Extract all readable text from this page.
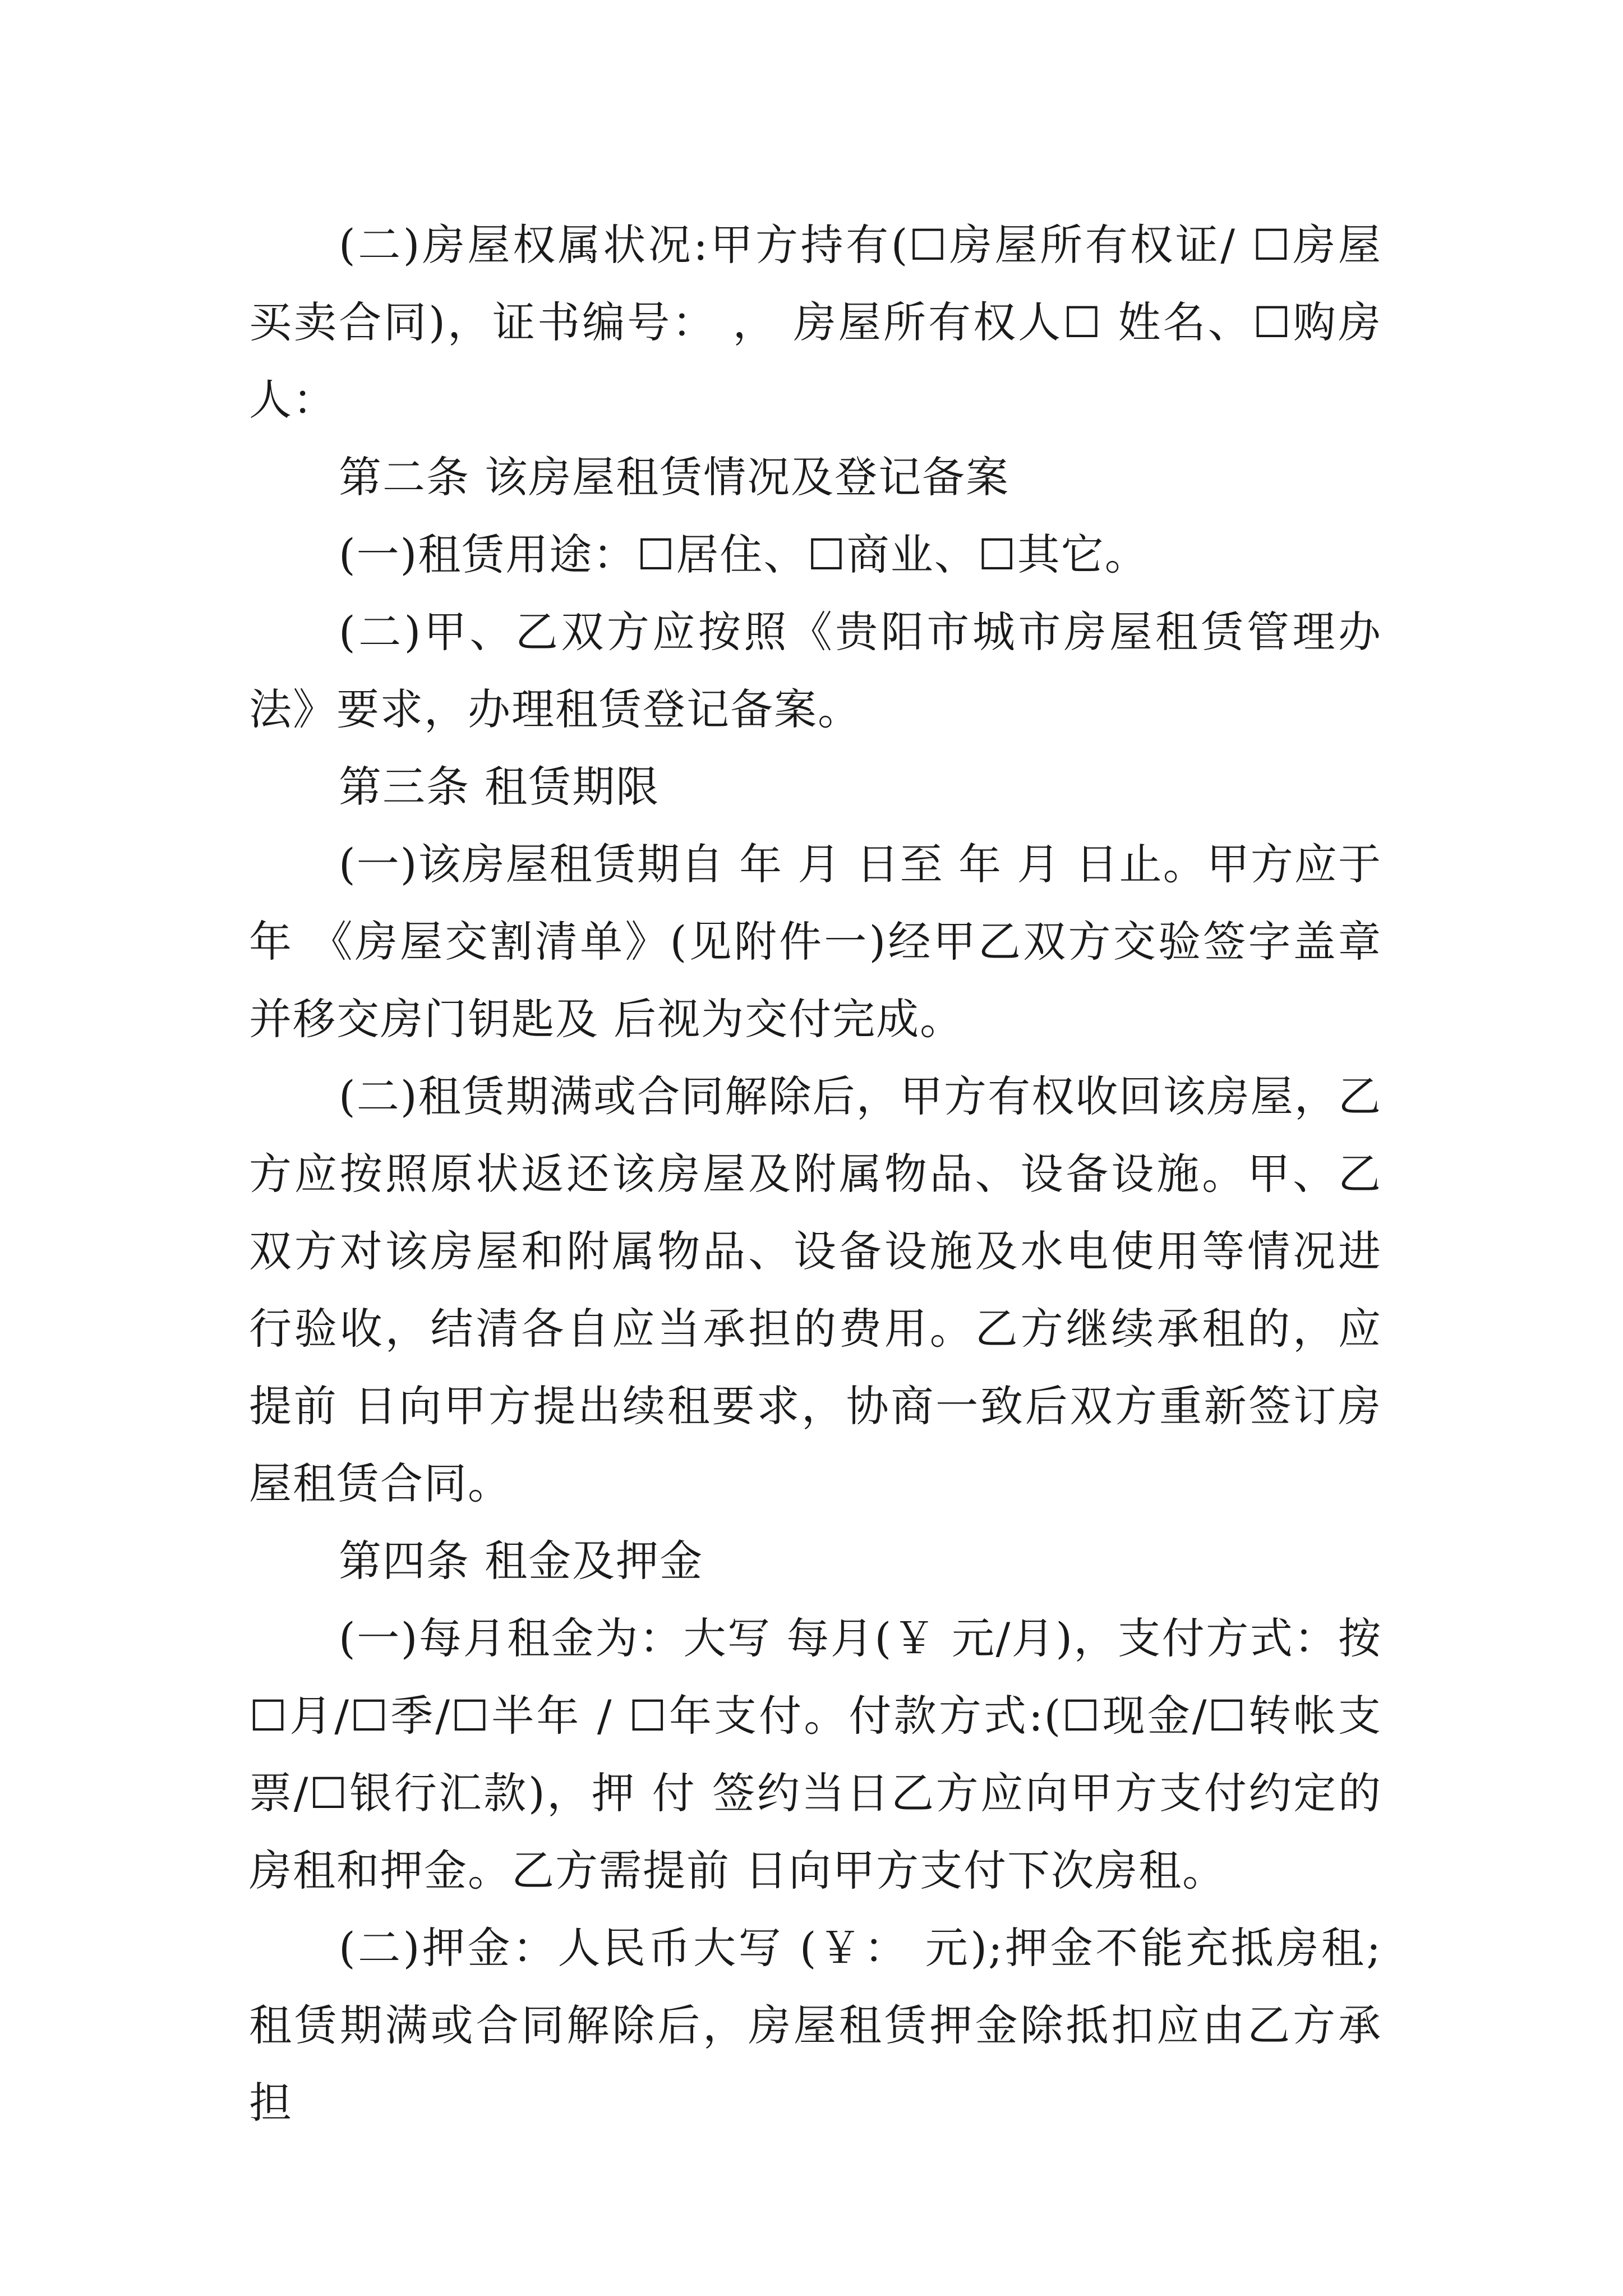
(二)房屋权属状况:甲方持有(☐房屋所有权证/ ☐房屋买卖合同)，证书编号： ， 房屋所有权人☐ 姓名、☐购房人：

第二条 该房屋租赁情况及登记备案

(一)租赁用途：☐居住、☐商业、☐其它。

(二)甲、乙双方应按照《贵阳市城市房屋租赁管理办法》要求，办理租赁登记备案。

第三条 租赁期限

(一)该房屋租赁期自 年 月 日至 年 月 日止。甲方应于 年 《房屋交割清单》(见附件一)经甲乙双方交验签字盖章并移交房门钥匙及 后视为交付完成。

(二)租赁期满或合同解除后，甲方有权收回该房屋，乙方应按照原状返还该房屋及附属物品、设备设施。甲、乙双方对该房屋和附属物品、设备设施及水电使用等情况进行验收，结清各自应当承担的费用。乙方继续承租的，应提前 日向甲方提出续租要求，协商一致后双方重新签订房屋租赁合同。

第四条 租金及押金

(一)每月租金为：大写 每月(￥ 元/月)，支付方式：按☐月/☐季/☐半年 / ☐年支付。付款方式:(☐现金/☐转帐支票/☐银行汇款)，押 付 签约当日乙方应向甲方支付约定的房租和押金。乙方需提前 日向甲方支付下次房租。

(二)押金：人民币大写 (￥： 元);押金不能充抵房租;租赁期满或合同解除后，房屋租赁押金除抵扣应由乙方承担
